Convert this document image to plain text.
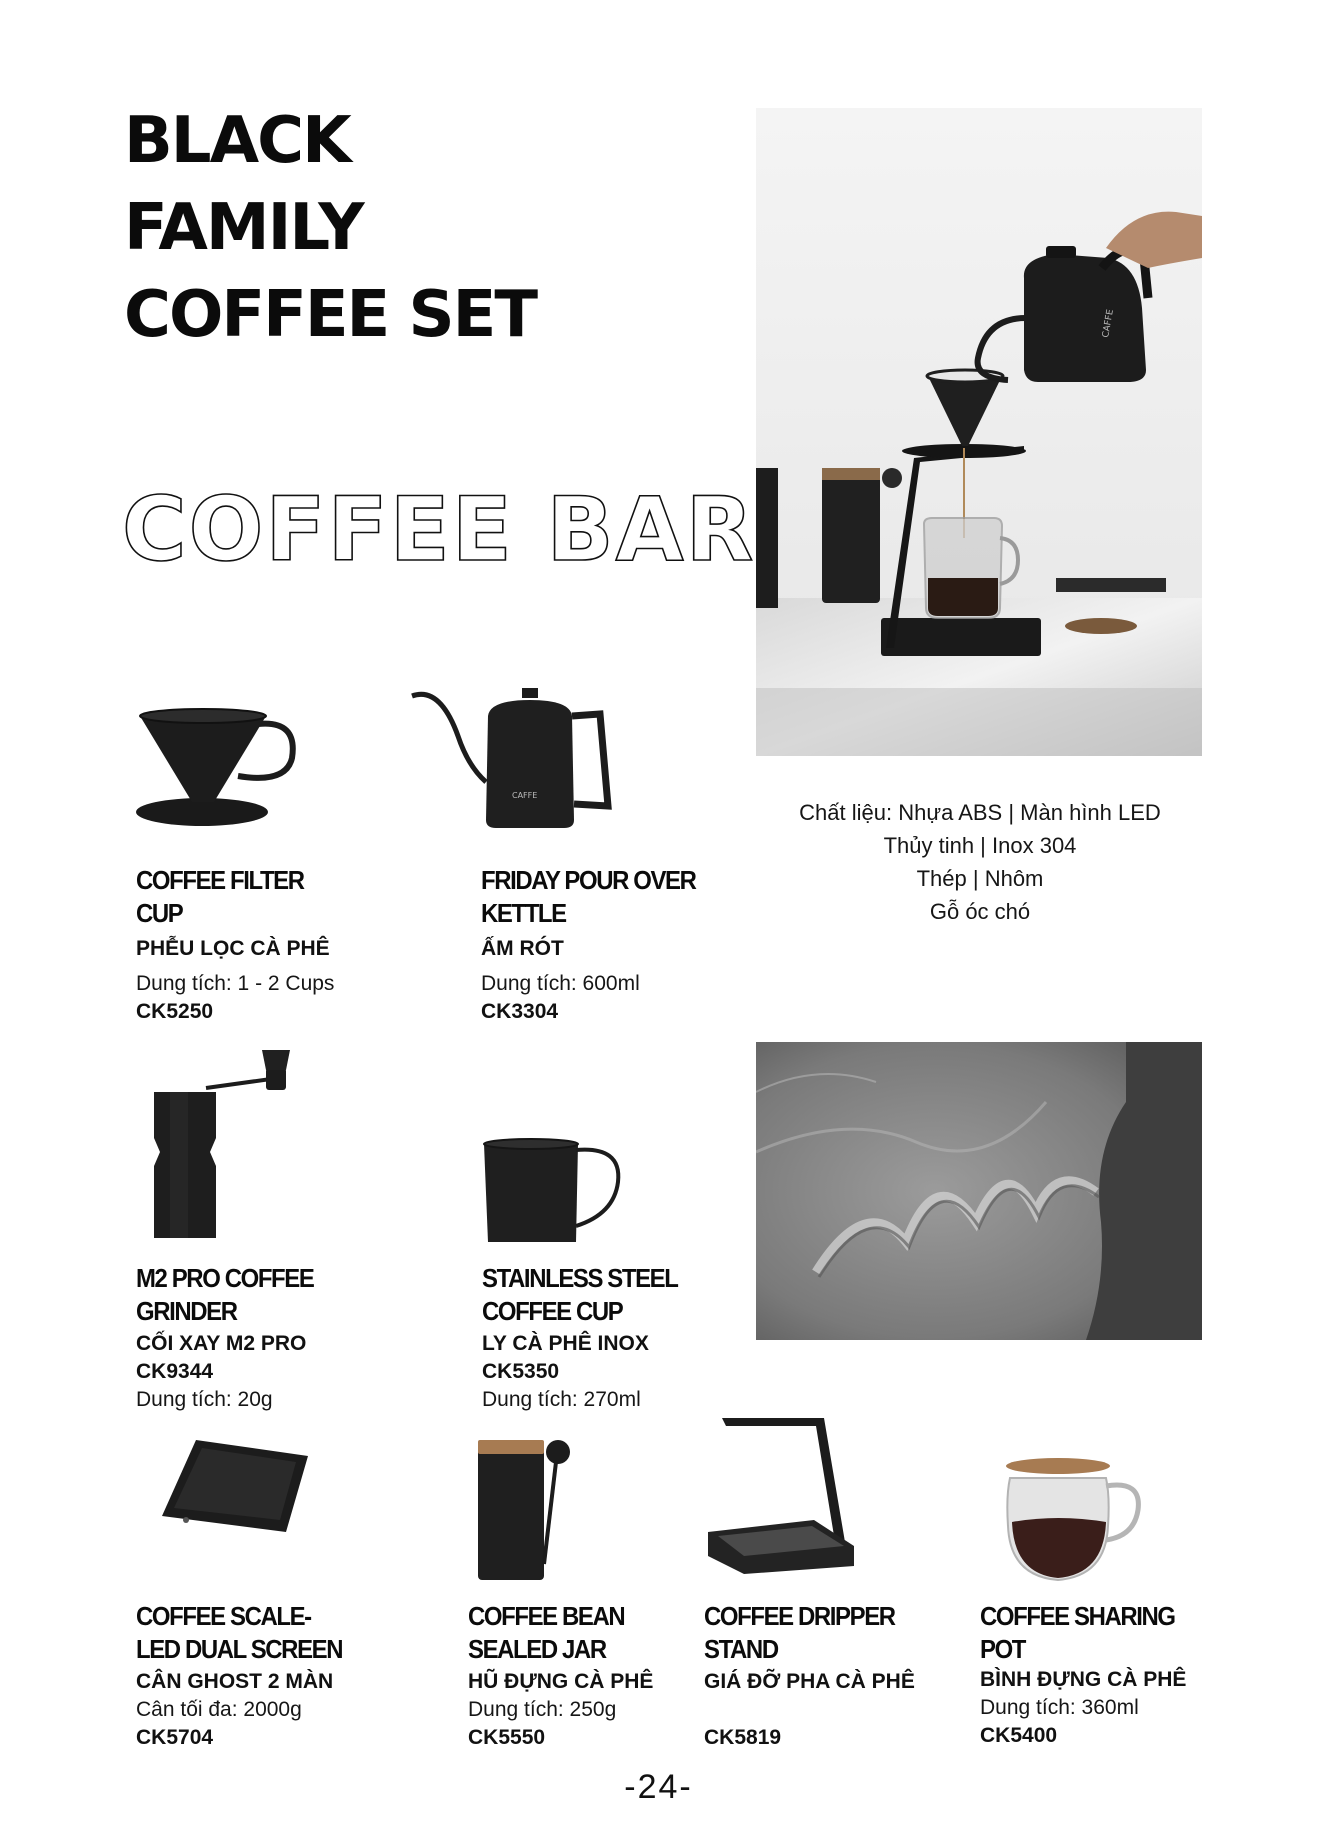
BLACK
FAMILY
COFFEE SET
COFFEE BAR
CAFFE
Chất liệu: Nhựa ABS | Màn hình LED
Thủy tinh | Inox 304
Thép | Nhôm
Gỗ óc chó
COFFEE FILTER
CUP
PHỄU LỌC CÀ PHÊ
Dung tích: 1 - 2 Cups
CK5250
CAFFE
FRIDAY POUR OVER
KETTLE
ẤM RÓT
Dung tích: 600ml
CK3304
M2 PRO COFFEE
GRINDER
CỐI XAY M2 PRO
CK9344
Dung tích: 20g
STAINLESS STEEL
COFFEE CUP
LY CÀ PHÊ INOX
CK5350
Dung tích: 270ml
COFFEE SCALE-
LED DUAL SCREEN
CÂN GHOST 2 MÀN
Cân tối đa: 2000g
CK5704
COFFEE BEAN
SEALED JAR
HŨ ĐỰNG CÀ PHÊ
Dung tích: 250g
CK5550
COFFEE DRIPPER
STAND
GIÁ ĐỠ PHA CÀ PHÊ
CK5819
COFFEE SHARING
POT
BÌNH ĐỰNG CÀ PHÊ
Dung tích: 360ml
CK5400
-24-
